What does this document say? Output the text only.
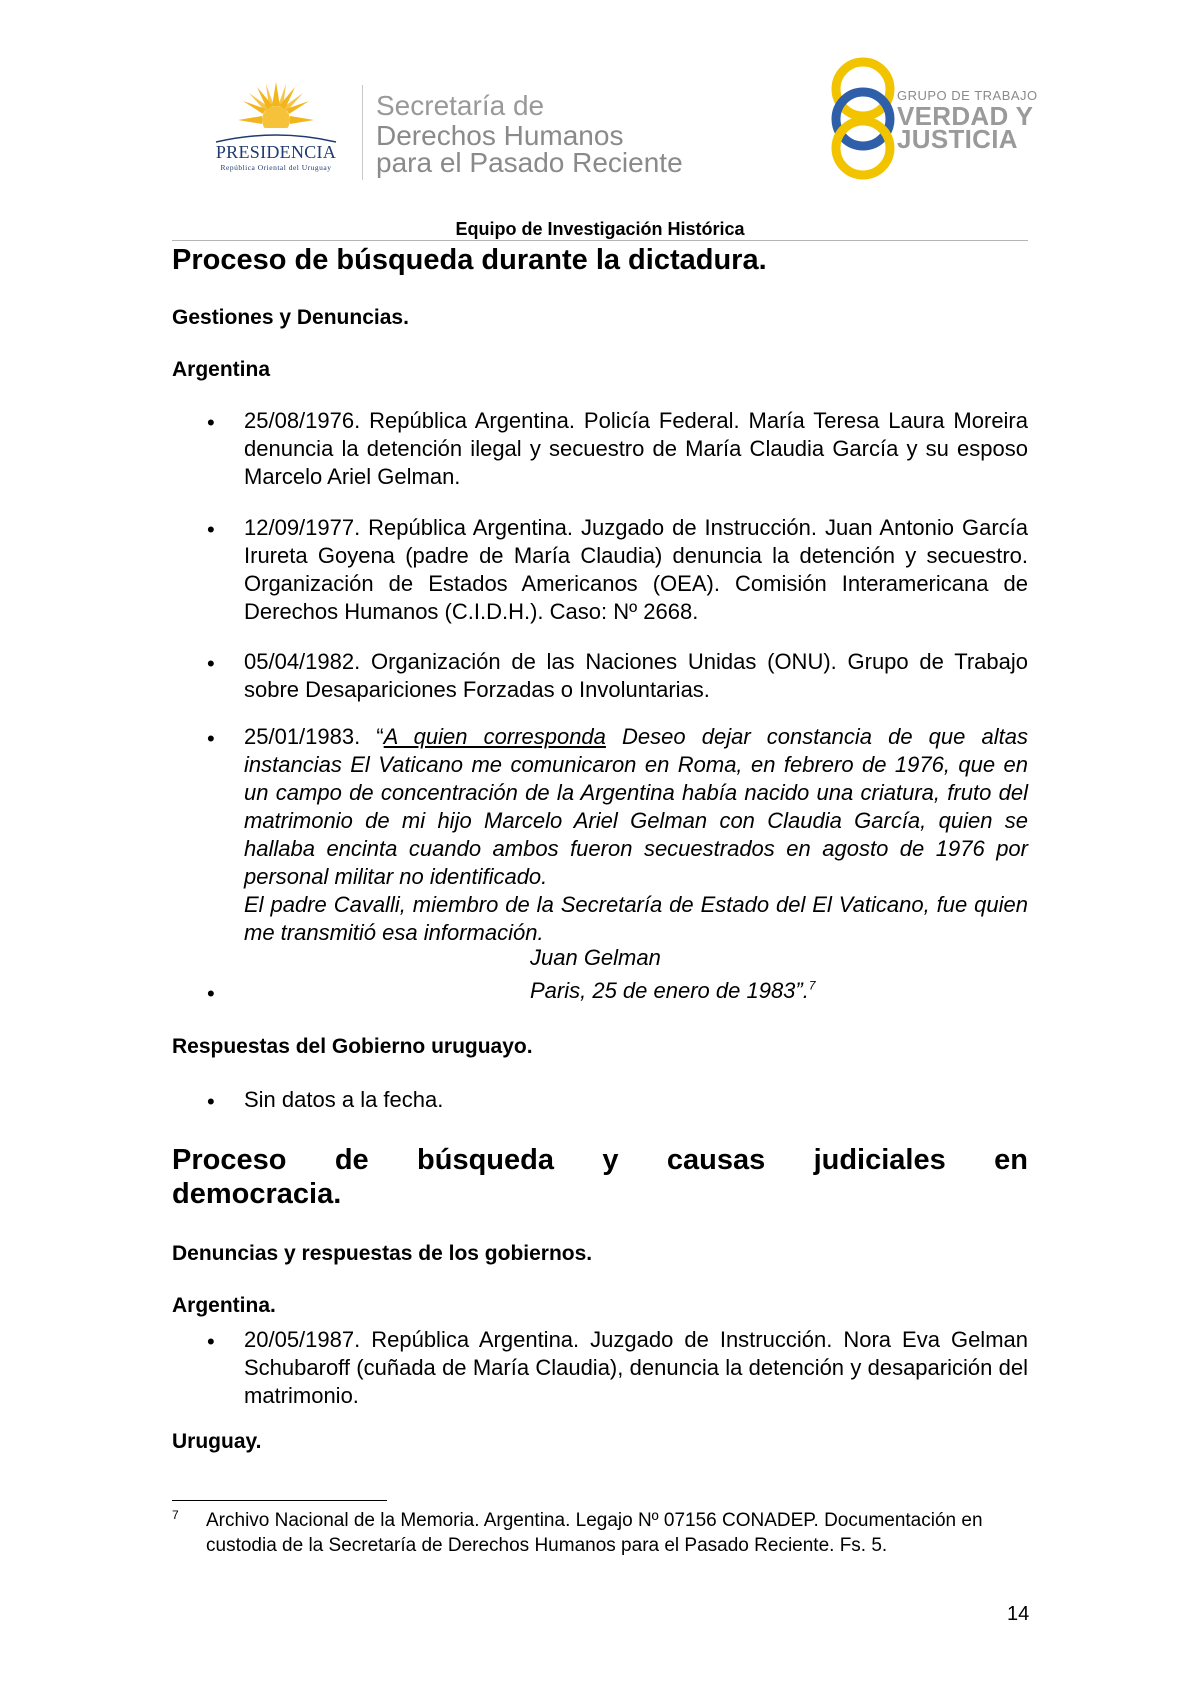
PRESIDENCIA
República Oriental del Uruguay
Secretaría de
Derechos Humanos
para el Pasado Reciente
GRUPO DE TRABAJO
VERDAD Y
JUSTICIA
Equipo de Investigación Histórica
Proceso de búsqueda durante la dictadura.
Gestiones y Denuncias.
Argentina
• 25/08/1976. República Argentina. Policía Federal. María Teresa Laura Moreira denuncia la detención ilegal y secuestro de María Claudia García y su esposo Marcelo Ariel Gelman.
• 12/09/1977. República Argentina. Juzgado de Instrucción. Juan Antonio García Irureta Goyena (padre de María Claudia) denuncia la detención y secuestro. Organización de Estados Americanos (OEA). Comisión Interamericana de Derechos Humanos (C.I.D.H.). Caso: Nº 2668.
• 05/04/1982. Organización de las Naciones Unidas (ONU). Grupo de Trabajo sobre Desapariciones Forzadas o Involuntarias.
• 25/01/1983. “A quien corresponda Deseo dejar constancia de que altas instancias El Vaticano me comunicaron en Roma, en febrero de 1976, que en un campo de concentración de la Argentina había nacido una criatura, fruto del matrimonio de mi hijo Marcelo Ariel Gelman con Claudia García, quien se hallaba encinta cuando ambos fueron secuestrados en agosto de 1976 por personal militar no identificado.
El padre Cavalli, miembro de la Secretaría de Estado del El Vaticano, fue quien me transmitió esa información.
Juan Gelman
•	Paris, 25 de enero de 1983”.$^7$
Respuestas del Gobierno uruguayo.
• Sin datos a la fecha.
Proceso de búsqueda y causas judiciales en
democracia.
Denuncias y respuestas de los gobiernos.
Argentina.
• 20/05/1987. República Argentina. Juzgado de Instrucción. Nora Eva Gelman Schubaroff (cuñada de María Claudia), denuncia la detención y desaparición del matrimonio.
Uruguay.
7 Archivo Nacional de la Memoria. Argentina. Legajo Nº 07156 CONADEP. Documentación en custodia de la Secretaría de Derechos Humanos para el Pasado Reciente. Fs. 5.
14
